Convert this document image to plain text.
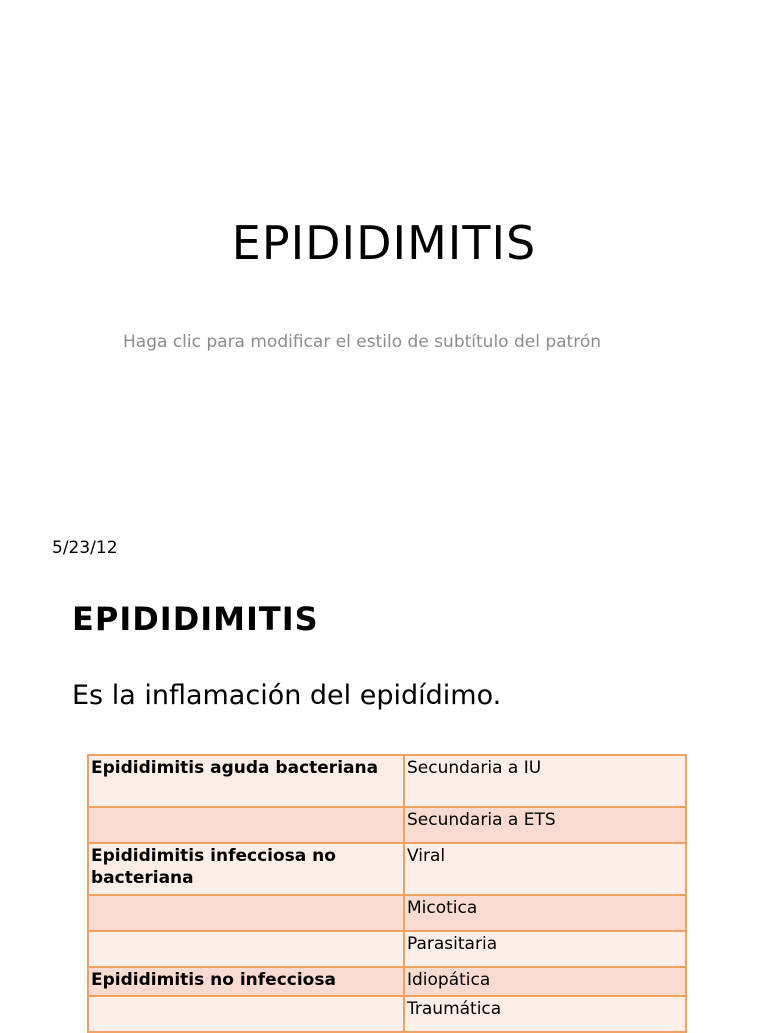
EPIDIDIMITIS
Haga clic para modificar el estilo de subtítulo del patrón
5/23/12
EPIDIDIMITIS
Es la inflamación del epidídimo.
Epididimitis aguda bacteriana	Secundaria a IU
	Secundaria a ETS
Epididimitis infecciosa no bacteriana	Viral
	Micotica
	Parasitaria
Epididimitis no infecciosa	Idiopática
	Traumática
